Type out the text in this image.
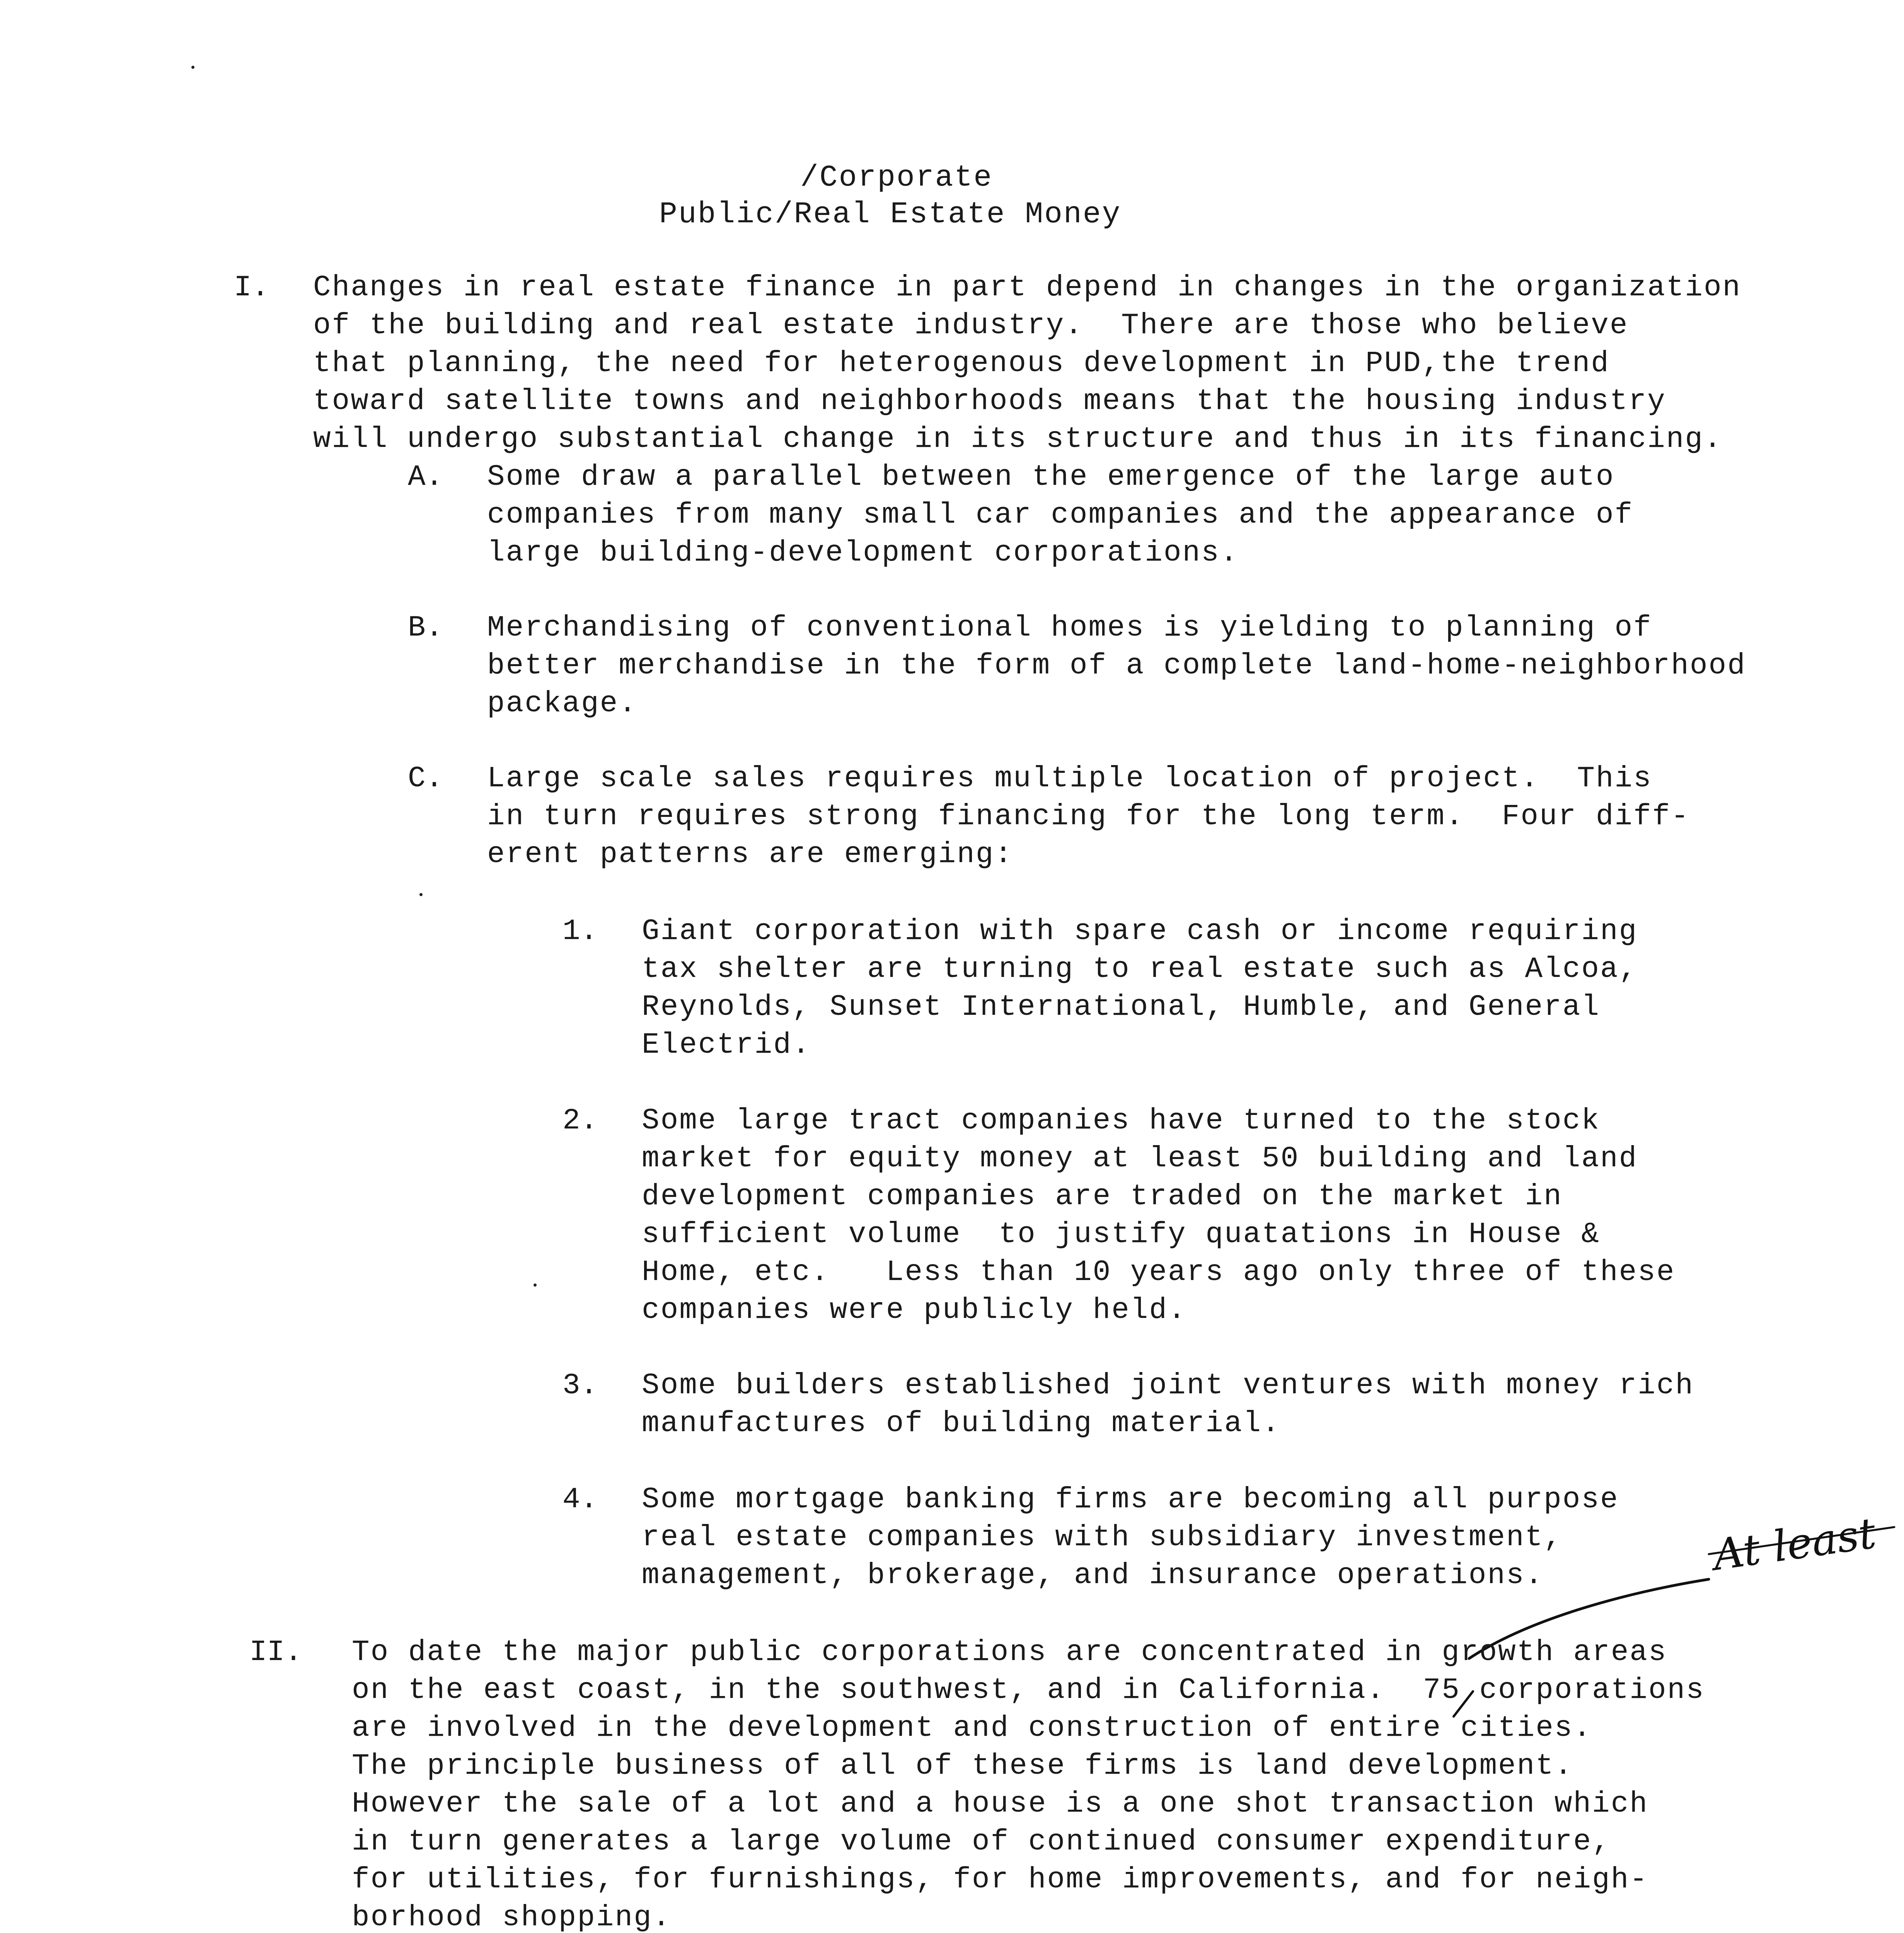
/Corporate
Public/Real Estate Money
I. Changes in real estate finance in part depend in changes in the organization
of the building and real estate industry.  There are those who believe
that planning, the need for heterogenous development in PUD,the trend
toward satellite towns and neighborhoods means that the housing industry
will undergo substantial change in its structure and thus in its financing.
A. Some draw a parallel between the emergence of the large auto
companies from many small car companies and the appearance of
large building-development corporations.
B. Merchandising of conventional homes is yielding to planning of
better merchandise in the form of a complete land-home-neighborhood
package.
C. Large scale sales requires multiple location of project.  This
in turn requires strong financing for the long term.  Four diff-
erent patterns are emerging:
1. Giant corporation with spare cash or income requiring
tax shelter are turning to real estate such as Alcoa,
Reynolds, Sunset International, Humble, and General
Electrid.
2. Some large tract companies have turned to the stock
market for equity money at least 50 building and land
development companies are traded on the market in
sufficient volume  to justify quatations in House &
Home, etc.   Less than 10 years ago only three of these
companies were publicly held.
3. Some builders established joint ventures with money rich
manufactures of building material.
4. Some mortgage banking firms are becoming all purpose
real estate companies with subsidiary investment,
management, brokerage, and insurance operations.	At least
II. To date the major public corporations are concentrated in growth areas
on the east coast, in the southwest, and in California.  75 corporations
are involved in the development and construction of entire cities.
The principle business of all of these firms is land development.
However the sale of a lot and a house is a one shot transaction which
in turn generates a large volume of continued consumer expenditure,
for utilities, for furnishings, for home improvements, and for neigh-
borhood shopping.
